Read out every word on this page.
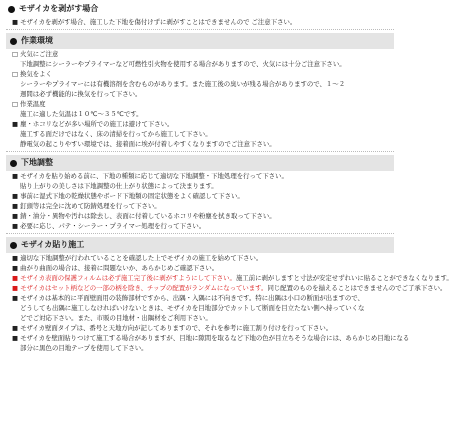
モザイカを剥がす場合
■ モザイカを剥がす場合、施工した下地を傷付けずに剥がすことはできませんので ご注意下さい。
作業環境
□ 火気にご注意
下地調整にシーラーやプライマーなど可燃性引火物を使用する場合がありますので、火気には十分ご注意下さい。
□ 換気をよく
シーラーやプライマーには有機溶剤を含むものがあります。また施工後の臭いが残る場合がありますので、１〜２
週間は必ず機能的に換気を行って下さい。
□ 作業温度
施工に適した気温は１０℃〜３５℃です。
■ 塵・ホコリなどが多い場所での施工は避けて下さい。
施工する面だけではなく、床の清掃を行ってから施工して下さい。
静電気の起こりやすい環境では、接着面に埃が付着しやすくなりますのでご注意下さい。
下地調整
■ モザイカを貼り始める前に、下地の種類に応じて適切な下地調整・下地処理を行って下さい。
貼り上がりの美しさは下地調整の仕上がり状態によって決まります。
■ 事前に湿式下地の乾燥状態やボード下地類の固定状態をよく確認して下さい。
■ 釘頭等は完全に沈めて防錆処理を行って下さい。
■ 錆・油分・異物や汚れは除去し、表面に付着しているホコリや粉塵を拭き取って下さい。
■ 必要に応じ、パテ・シーラー・プライマー処理を行って下さい。
モザイカ貼り施工
■ 適切な下地調整が行われていることを確認した上でモザイカの施工を始めて下さい。
■ 曲がり曲面の場合は、接着に問題ないか、あらかじめご確認下さい。
■ モザイカ表面の保護フィルムは必ず施工完了後に剥がすようにして下さい。施工前に剥がしますと寸法が安定せずれいに貼ることができなくなります。
■ モザイカはセット柄などの一部の柄を除き、チップの配置がランダムになっています。同じ配置のものを揃えることはできませんのでご了承下さい。
■ モザイカは基本的に平面壁面用の装飾部材ですから、出隅・入隅には不向きです。特に出隅は小口の断面が出ますので、
どうしても出隅に施工しなければいけないときは、モザイカを目地部分でカットして断面を目立たない側へ持っていくな
どでご対応下さい。また、市販の目地材・出隅材をご利用下さい。
■ モザイカ壁面タイプは、番号と天地方向が記してありますので、それを参考に施工割り付けを行って下さい。
■ モザイカを壁面貼りつけて施工する場合がありますが、目地に隙間を取るなど下地の色が目立ちそうな場合には、あらかじめ目地になる
部分に黒色の目地テープを使用して下さい。
